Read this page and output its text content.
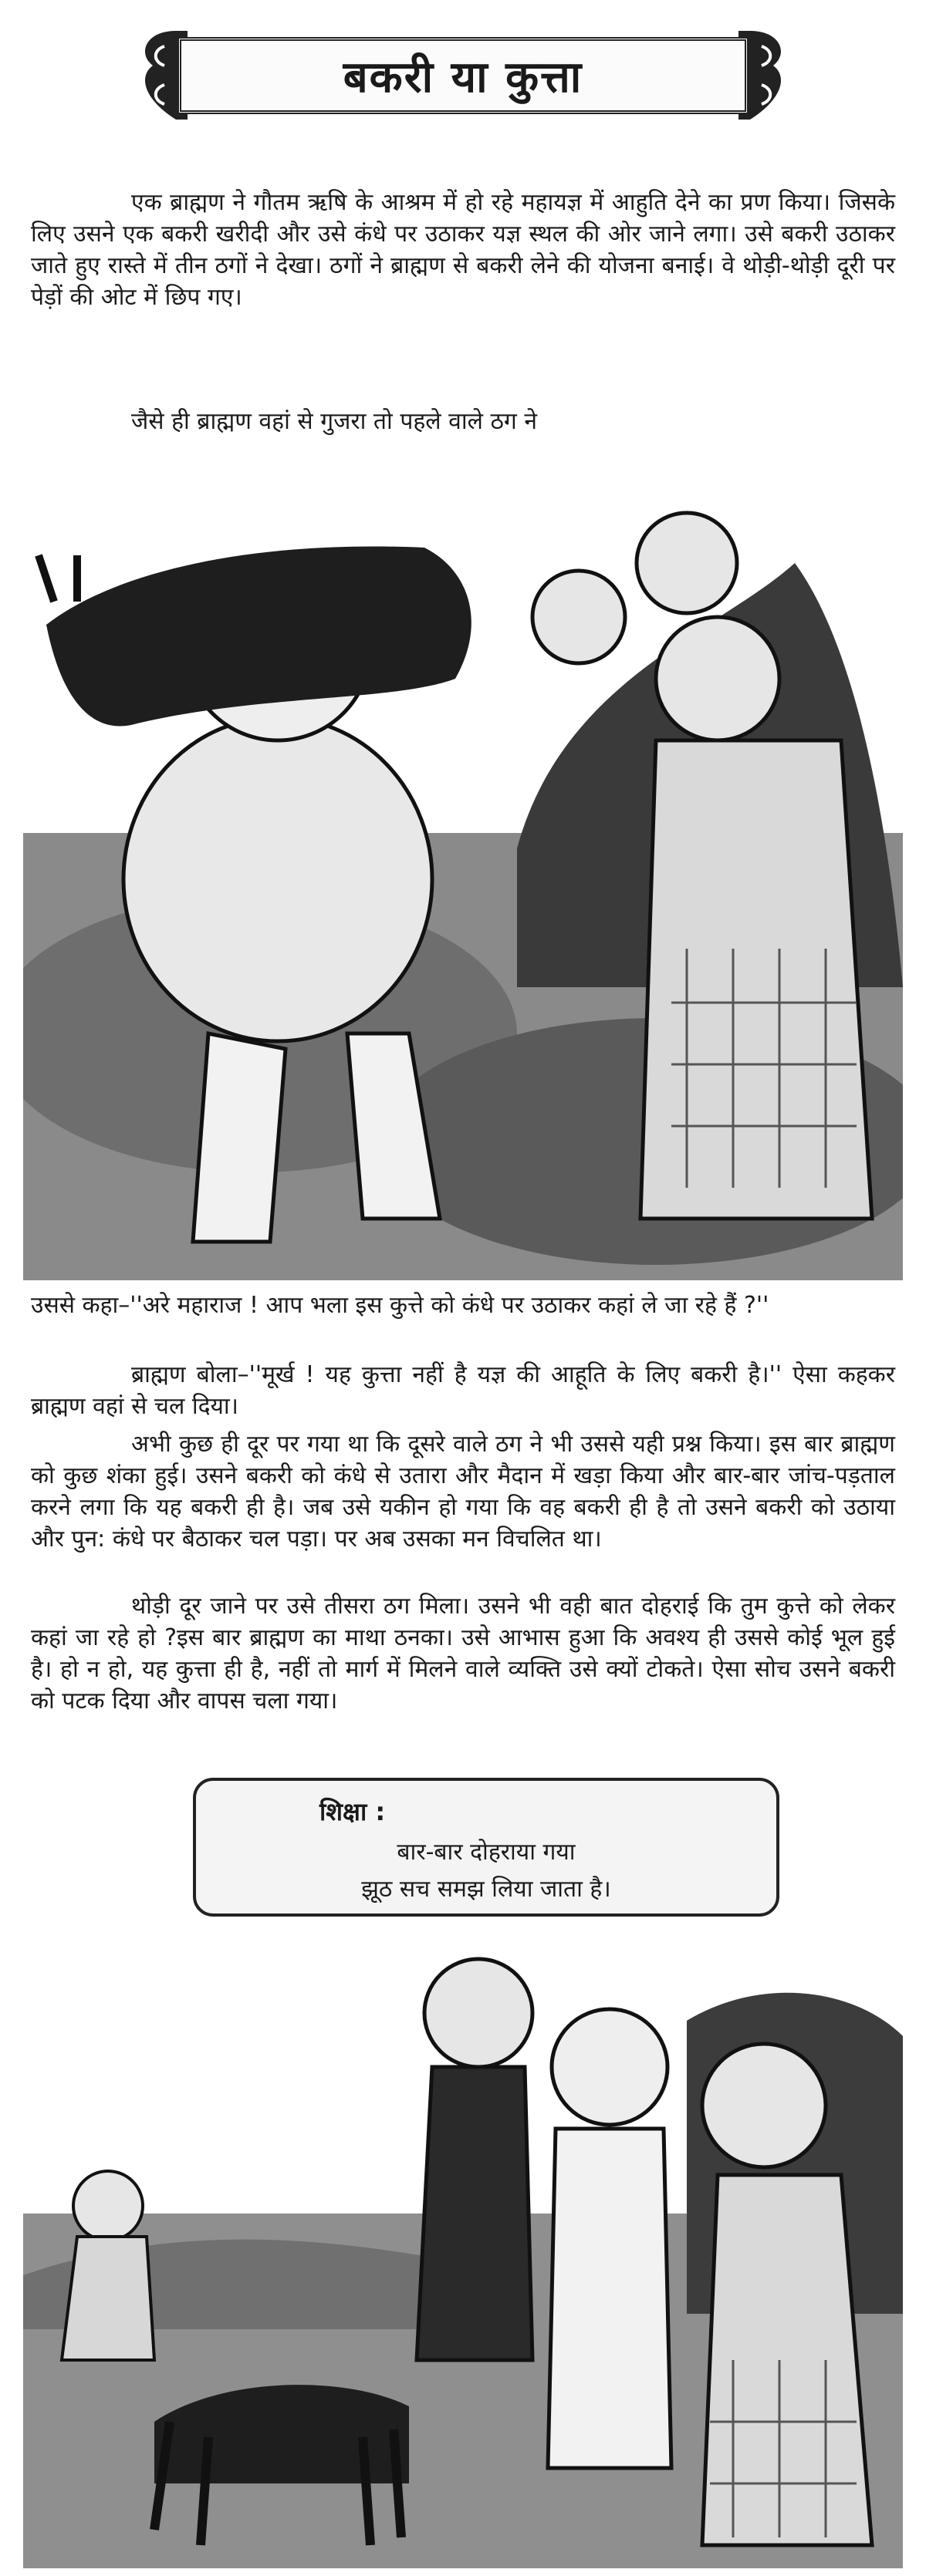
बकरी या कुत्ता

एक ब्राह्मण ने गौतम ऋषि के आश्रम में हो रहे महायज्ञ में आहुति देने का प्रण किया। जिसके लिए उसने एक बकरी खरीदी और उसे कंधे पर उठाकर यज्ञ स्थल की ओर जाने लगा। उसे बकरी उठाकर जाते हुए रास्ते में तीन ठगों ने देखा। ठगों ने ब्राह्मण से बकरी लेने की योजना बनाई। वे थोड़ी-थोड़ी दूरी पर पेड़ों की ओट में छिप गए।

जैसे ही ब्राह्मण वहां से गुजरा तो पहले वाले ठग ने

उससे कहा–''अरे महाराज ! आप भला इस कुत्ते को कंधे पर उठाकर कहां ले जा रहे हैं ?''

ब्राह्मण बोला–''मूर्ख ! यह कुत्ता नहीं है यज्ञ की आहूति के लिए बकरी है।'' ऐसा कहकर ब्राह्मण वहां से चल दिया।

अभी कुछ ही दूर पर गया था कि दूसरे वाले ठग ने भी उससे यही प्रश्न किया। इस बार ब्राह्मण को कुछ शंका हुई। उसने बकरी को कंधे से उतारा और मैदान में खड़ा किया और बार-बार जांच-पड़ताल करने लगा कि यह बकरी ही है। जब उसे यकीन हो गया कि वह बकरी ही है तो उसने बकरी को उठाया और पुन: कंधे पर बैठाकर चल पड़ा। पर अब उसका मन विचलित था।

थोड़ी दूर जाने पर उसे तीसरा ठग मिला। उसने भी वही बात दोहराई कि तुम कुत्ते को लेकर कहां जा रहे हो ?इस बार ब्राह्मण का माथा ठनका। उसे आभास हुआ कि अवश्य ही उससे कोई भूल हुई है। हो न हो, यह कुत्ता ही है, नहीं तो मार्ग में मिलने वाले व्यक्ति उसे क्यों टोकते। ऐसा सोच उसने बकरी को पटक दिया और वापस चला गया।

शिक्षा :
बार-बार दोहराया गया
झूठ सच समझ लिया जाता है।
